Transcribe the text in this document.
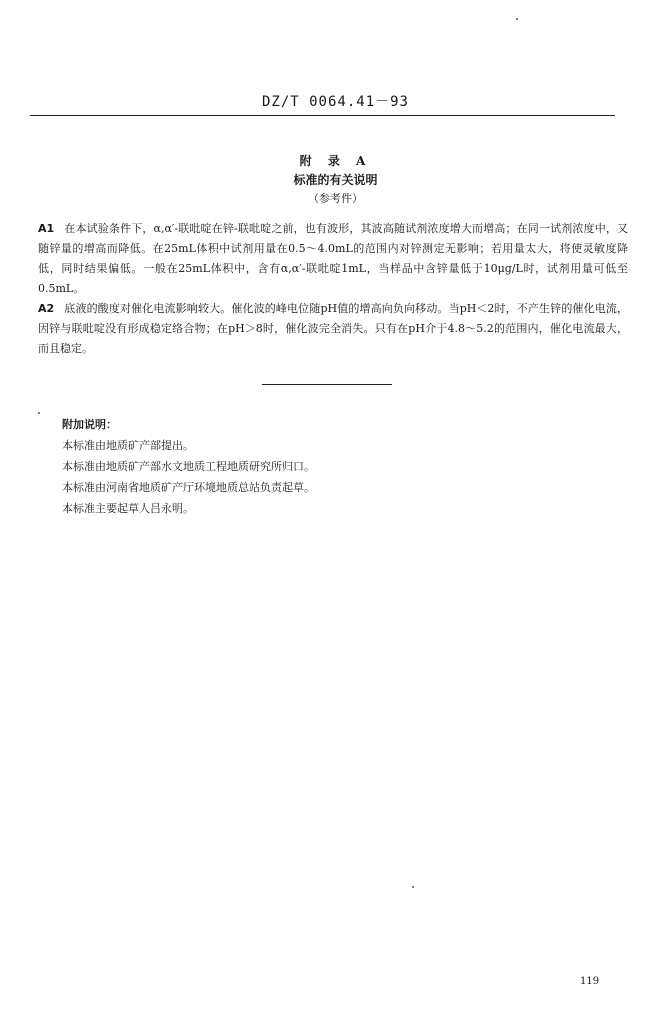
DZ/T 0064.41－93
附 录 A
标准的有关说明
（参考件）

A1 在本试验条件下，α,α′-联吡啶在锌-联吡啶之前，也有波形，其波高随试剂浓度增大而增高；在同一试剂浓度中，又随锌量的增高而降低。在25mL体积中试剂用量在0.5～4.0mL的范围内对锌测定无影响；若用量太大，将使灵敏度降低，同时结果偏低。一般在25mL体积中，含有α,α′-联吡啶1mL，当样品中含锌量低于10μg/L时，试剂用量可低至0.5mL。

A2 底液的酸度对催化电流影响较大。催化波的峰电位随pH值的增高向负向移动。当pH＜2时，不产生锌的催化电流，因锌与联吡啶没有形成稳定络合物；在pH＞8时，催化波完全消失。只有在pH介于4.8～5.2的范围内，催化电流最大，而且稳定。

附加说明：
本标准由地质矿产部提出。
本标准由地质矿产部水文地质工程地质研究所归口。
本标准由河南省地质矿产厅环境地质总站负责起草。
本标准主要起草人吕永明。
119
